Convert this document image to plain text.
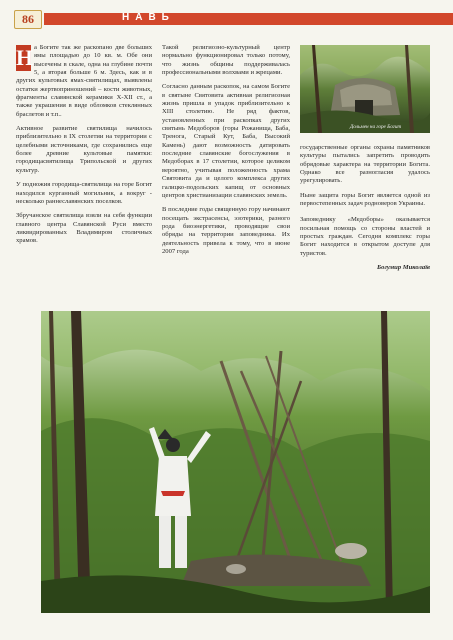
86	НАВЬ

Н а Богите так же раскопано две больших ямы площадью до 10 кв. м. Обе они высечены в скале, одна на глубине почти 5, а вторая больше 6 м. Здесь, как и в других культовых ямах-святилищах, выявлены остатки жертвоприношений – кости животных, фрагменты славянской керамики X-XII ст., а также украшения в виде обломков стеклянных браслетов и т.п..

Активное развитие святилища начилось приблизительно в IX столетии на территории с целебными источниками, где сохранились еще более древние культовые памятки: городищасвятилища Трипольской и других культур.

У подножия городища-святилища на горе Богит находился курганный могильник, а вокруг - несколько раннеславянских поселков.

Збручанское святилища взяли на себя функции главного центра Славянской Руси вместо ликвидированных Владимиром столичных храмов.

Такой религиозно-культурный центр нормально функционировал только потому, что жизнь общины поддерживалась профессиональными волхвами и жрецами.

Согласно данным раскопок, на самом Богите в святыне Святовита активная религиозная жизнь пришла в упадок приблизительно к XIII столетию. Не ряд фактов, установленных при раскопках других святынь Медоборов (горы Рожанища, Баба, Тренога, Старый Кут, Баба, Высокий Камень) дают возможность датировать последние славянские богослужения в Медоборах в 17 столетии, которое целиком вероятно, учитывая положенность храма Святовита да и целого комплекса других галицко-подольских капищ от основных центров христианизации славянских земель.

В последние годы священную гору начинают посещать экстрасенсы, эзотерики, разного рода биоэнергетики, проводящие свои обряды на территории заповедника. Их деятельность привела к тому, что в июне 2007 года

Дольмен на горе Богит

государственные органы охраны памятников культуры пытались запретить проводить обрядовые характера на территории Богита. Однако все разногласия удалось урегулировать.

Ныне защита горы Богит является одной из первостепенных задач родноверов Украины.

Заповеднику «Медоборы» оказывается посильная помощь со стороны властей и простых граждан. Сегодня комплекс горы Богит находится в открытом доступе для туристов.

Богумир Миколаїв
